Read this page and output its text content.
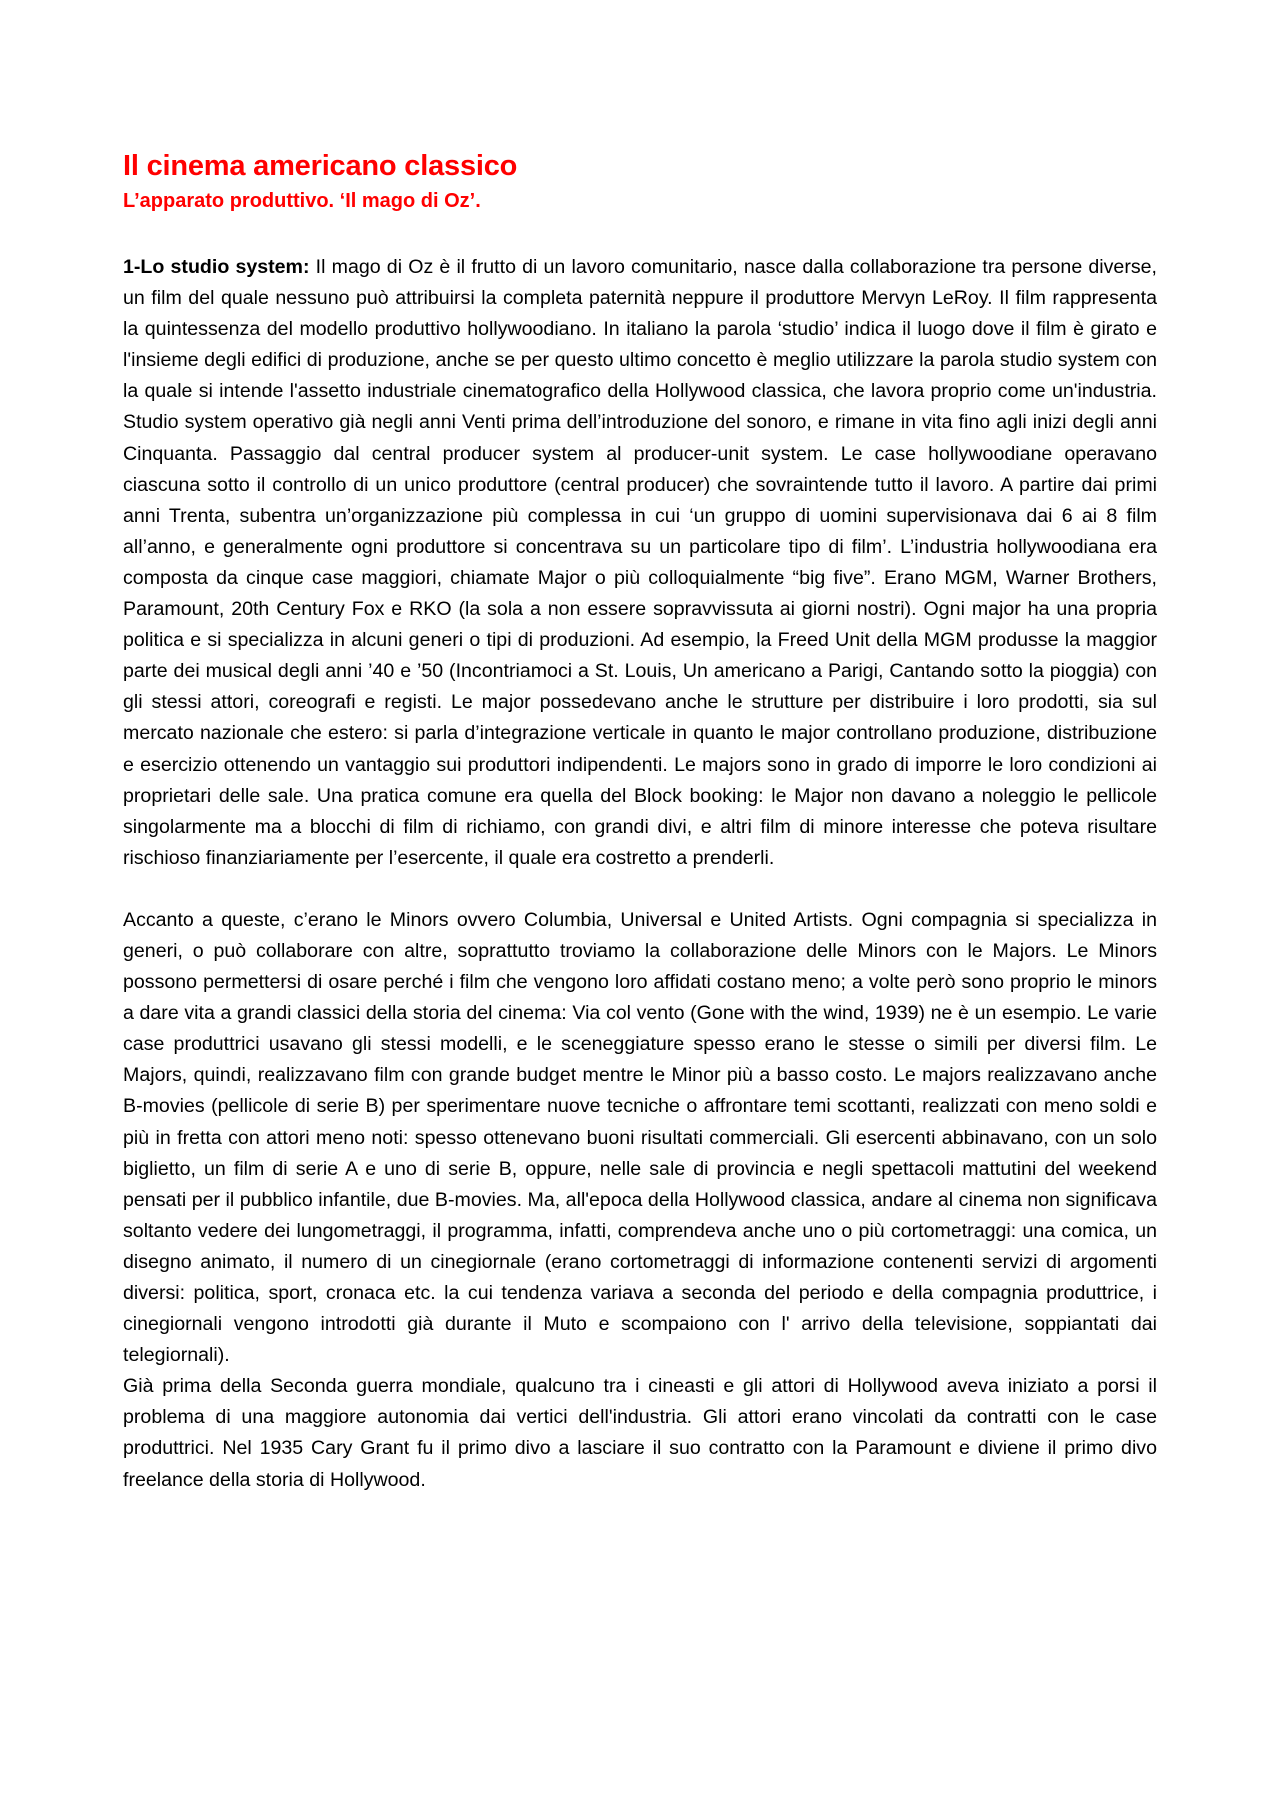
Il cinema americano classico
L’apparato produttivo. ‘Il mago di Oz’.

1-Lo studio system: Il mago di Oz è il frutto di un lavoro comunitario, nasce dalla collaborazione tra persone diverse, un film del quale nessuno può attribuirsi la completa paternità neppure il produttore Mervyn LeRoy. Il film rappresenta la quintessenza del modello produttivo hollywoodiano. In italiano la parola ‘studio’ indica il luogo dove il film è girato e l'insieme degli edifici di produzione, anche se per questo ultimo concetto è meglio utilizzare la parola studio system con la quale si intende l'assetto industriale cinematografico della Hollywood classica, che lavora proprio come un'industria. Studio system operativo già negli anni Venti prima dell’introduzione del sonoro, e rimane in vita fino agli inizi degli anni Cinquanta. Passaggio dal central producer system al producer-unit system. Le case hollywoodiane operavano ciascuna sotto il controllo di un unico produttore (central producer) che sovraintende tutto il lavoro. A partire dai primi anni Trenta, subentra un’organizzazione più complessa in cui ‘un gruppo di uomini supervisionava dai 6 ai 8 film all’anno, e generalmente ogni produttore si concentrava su un particolare tipo di film’. L’industria hollywoodiana era composta da cinque case maggiori, chiamate Major o più colloquialmente “big five”. Erano MGM, Warner Brothers, Paramount, 20th Century Fox e RKO (la sola a non essere sopravvissuta ai giorni nostri). Ogni major ha una propria politica e si specializza in alcuni generi o tipi di produzioni. Ad esempio, la Freed Unit della MGM produsse la maggior parte dei musical degli anni ’40 e ’50 (Incontriamoci a St. Louis, Un americano a Parigi, Cantando sotto la pioggia) con gli stessi attori, coreografi e registi. Le major possedevano anche le strutture per distribuire i loro prodotti, sia sul mercato nazionale che estero: si parla d’integrazione verticale in quanto le major controllano produzione, distribuzione e esercizio ottenendo un vantaggio sui produttori indipendenti. Le majors sono in grado di imporre le loro condizioni ai proprietari delle sale. Una pratica comune era quella del Block booking: le Major non davano a noleggio le pellicole singolarmente ma a blocchi di film di richiamo, con grandi divi, e altri film di minore interesse che poteva risultare rischioso finanziariamente per l’esercente, il quale era costretto a prenderli.

Accanto a queste, c’erano le Minors ovvero Columbia, Universal e United Artists. Ogni compagnia si specializza in generi, o può collaborare con altre, soprattutto troviamo la collaborazione delle Minors con le Majors. Le Minors possono permettersi di osare perché i film che vengono loro affidati costano meno; a volte però sono proprio le minors a dare vita a grandi classici della storia del cinema: Via col vento (Gone with the wind, 1939) ne è un esempio. Le varie case produttrici usavano gli stessi modelli, e le sceneggiature spesso erano le stesse o simili per diversi film. Le Majors, quindi, realizzavano film con grande budget mentre le Minor più a basso costo. Le majors realizzavano anche B-movies (pellicole di serie B) per sperimentare nuove tecniche o affrontare temi scottanti, realizzati con meno soldi e più in fretta con attori meno noti: spesso ottenevano buoni risultati commerciali. Gli esercenti abbinavano, con un solo biglietto, un film di serie A e uno di serie B, oppure, nelle sale di provincia e negli spettacoli mattutini del weekend pensati per il pubblico infantile, due B-movies. Ma, all'epoca della Hollywood classica, andare al cinema non significava soltanto vedere dei lungometraggi, il programma, infatti, comprendeva anche uno o più cortometraggi: una comica, un disegno animato, il numero di un cinegiornale (erano cortometraggi di informazione contenenti servizi di argomenti diversi: politica, sport, cronaca etc. la cui tendenza variava a seconda del periodo e della compagnia produttrice, i cinegiornali vengono introdotti già durante il Muto e scompaiono con l' arrivo della televisione, soppiantati dai telegiornali).

Già prima della Seconda guerra mondiale, qualcuno tra i cineasti e gli attori di Hollywood aveva iniziato a porsi il problema di una maggiore autonomia dai vertici dell'industria. Gli attori erano vincolati da contratti con le case produttrici. Nel 1935 Cary Grant fu il primo divo a lasciare il suo contratto con la Paramount e diviene il primo divo freelance della storia di Hollywood.
